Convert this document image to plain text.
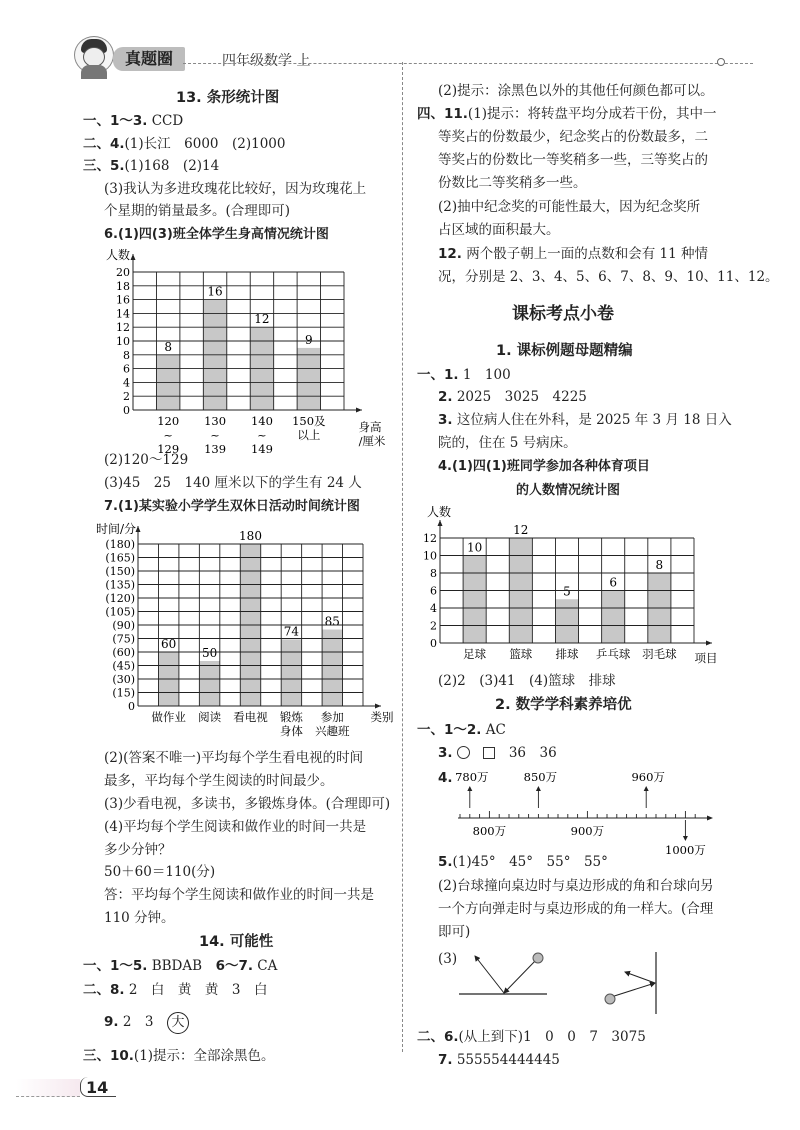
真题圈	四年级数学 上
13. 条形统计图
一、1～3. CCD
二、4.(1)长江　6000　(2)1000
三、5.(1)168　(2)14
(3)我认为多进玫瑰花比较好，因为玫瑰花上
个星期的销量最多。(合理即可)
6.(1)四(3)班全体学生身高情况统计图
人数
8
16
12
9
20
18
16
14
12
10
8
6
4
2
0
120
~
129
130
~
139
140
~
149
150及
以上
身高
/厘米
(2)120～129
(3)45　25　140 厘米以下的学生有 24 人
7.(1)某实验小学学生双休日活动时间统计图
时间/分
60
50
180
74
85
(180)
(165)
(150)
(135)
(120)
(105)
(90)
(75)
(60)
(45)
(30)
(15)
0
做作业 阅读 看电视 锻炼
身体
参加
兴趣班
类别
(2)(答案不唯一)平均每个学生看电视的时间
最多，平均每个学生阅读的时间最少。
(3)少看电视，多读书，多锻炼身体。(合理即可)
(4)平均每个学生阅读和做作业的时间一共是
多少分钟？
50＋60＝110(分)
答：平均每个学生阅读和做作业的时间一共是
110 分钟。
14. 可能性
一、1～5. BBDAB　6～7. CA
二、8. 2　白　黄　黄　3　白
9. 2　3　大
三、10.(1)提示：全部涂黑色。
14
(2)提示：涂黑色以外的其他任何颜色都可以。
四、11.(1)提示：将转盘平均分成若干份，其中一
等奖占的份数最少，纪念奖占的份数最多，二
等奖占的份数比一等奖稍多一些，三等奖占的
份数比二等奖稍多一些。
(2)抽中纪念奖的可能性最大，因为纪念奖所
占区域的面积最大。
12. 两个骰子朝上一面的点数和会有 11 种情
况，分别是 2、3、4、5、6、7、8、9、10、11、12。
课标考点小卷
1. 课标例题母题精编
一、1. 1　100
2. 2025　3025　4225
3. 这位病人住在外科，是 2025 年 3 月 18 日入
院的，住在 5 号病床。
4.(1)四(1)班同学参加各种体育项目
的人数情况统计图
人数
10
12
5
6
8
12
10
8
6
4
2
0
足球 篮球 排球 乒乓球 羽毛球 项目
(2)2　(3)41　(4)篮球　排球
2. 数学学科素养培优
一、1～2. AC
3. 　　	36　36
4. 780万	850万	960万
800万	900万
1000万
5.(1)45°　45°　55°　55°
(2)台球撞向桌边时与桌边形成的角和台球向另
一个方向弹走时与桌边形成的角一样大。(合理
即可)
(3)
二、6.(从上到下)1　0　0　7　3075
7. 555554444445
